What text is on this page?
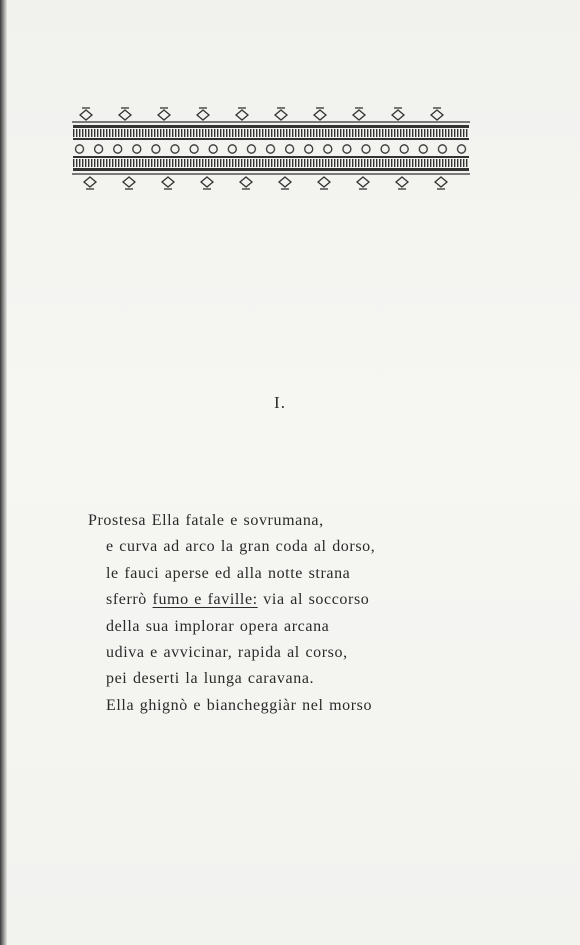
I.
Prostesa Ella fatale e sovrumana,
e curva ad arco la gran coda al dorso,
le fauci aperse ed alla notte strana
sferrò fumo e faville: via al soccorso
della sua implorar opera arcana
udiva e avvicinar, rapida al corso,
pei deserti la lunga caravana.
Ella ghignò e biancheggiàr nel morso
